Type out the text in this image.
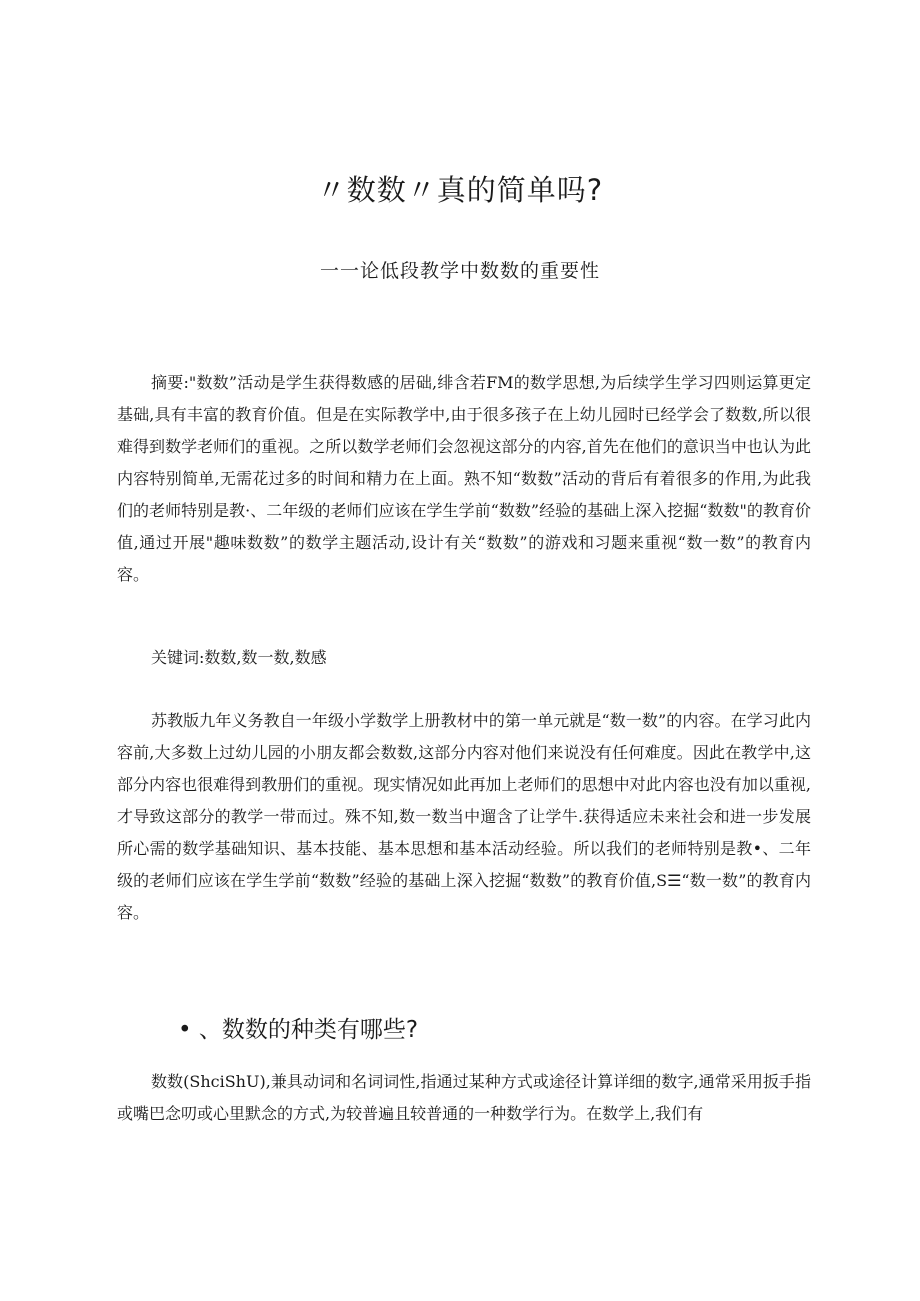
〃数数〃真的简单吗?
一一论低段教学中数数的重要性

摘要:"数数”活动是学生获得数感的居础,绯含若FM的数学思想,为后续学生学习四则运算更定基础,具有丰富的教育价值。但是在实际教学中,由于很多孩子在上幼儿园时已经学会了数数,所以很难得到数学老师们的重视。之所以数学老师们会忽视这部分的内容,首先在他们的意识当中也认为此内容特别简单,无需花过多的时间和精力在上面。熟不知“数数”活动的背后有着很多的作用,为此我们的老师特别是教·、二年级的老师们应该在学生学前“数数”经验的基础上深入挖掘“数数"的教育价值,通过开展"趣味数数”的数学主题活动,设计有关“数数”的游戏和习题来重视“数一数”的教育内容。

关键词:数数,数一数,数感

苏教版九年义务教自一年级小学数学上册教材中的第一单元就是“数一数”的内容。在学习此内容前,大多数上过幼儿园的小朋友都会数数,这部分内容对他们来说没有任何难度。因此在教学中,这部分内容也很难得到教册们的重视。现实情况如此再加上老师们的思想中对此内容也没有加以重视,才导致这部分的教学一带而过。殊不知,数一数当中遛含了让学牛.获得适应未来社会和进一步发展所心需的数学基础知识、基本技能、基本思想和基本活动经验。所以我们的老师特别是教•、二年级的老师们应该在学生学前“数数”经验的基础上深入挖掘“数数”的教育价值,S☰“数一数”的教育内容。

• 、数数的种类有哪些?

数数(ShciShU),兼具动词和名词词性,指通过某种方式或途径计算详细的数字,通常采用扳手指或嘴巴念叨或心里默念的方式,为较普遍且较普通的一种数学行为。在数学上,我们有
